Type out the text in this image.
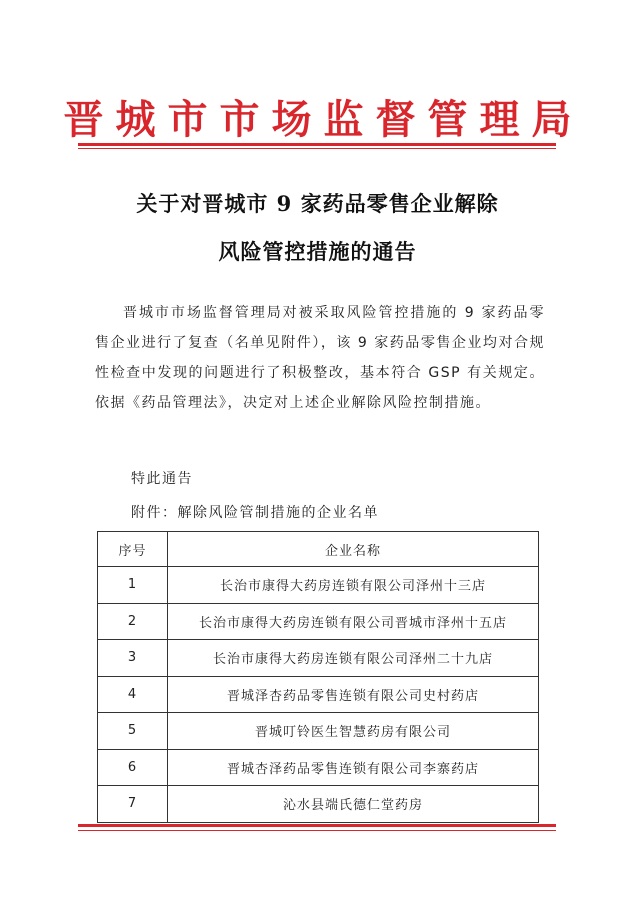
晋城市市场监督管理局
关于对晋城市 9 家药品零售企业解除
风险管控措施的通告

晋城市市场监督管理局对被采取风险管控措施的 9 家药品零售企业进行了复查（名单见附件），该 9 家药品零售企业均对合规性检查中发现的问题进行了积极整改，基本符合 GSP 有关规定。依据《药品管理法》，决定对上述企业解除风险控制措施。

特此通告
附件：解除风险管制措施的企业名单
序号	企业名称
1	长治市康得大药房连锁有限公司泽州十三店
2	长治市康得大药房连锁有限公司晋城市泽州十五店
3	长治市康得大药房连锁有限公司泽州二十九店
4	晋城泽杏药品零售连锁有限公司史村药店
5	晋城叮铃医生智慧药房有限公司
6	晋城杏泽药品零售连锁有限公司李寨药店
7	沁水县端氏德仁堂药房
